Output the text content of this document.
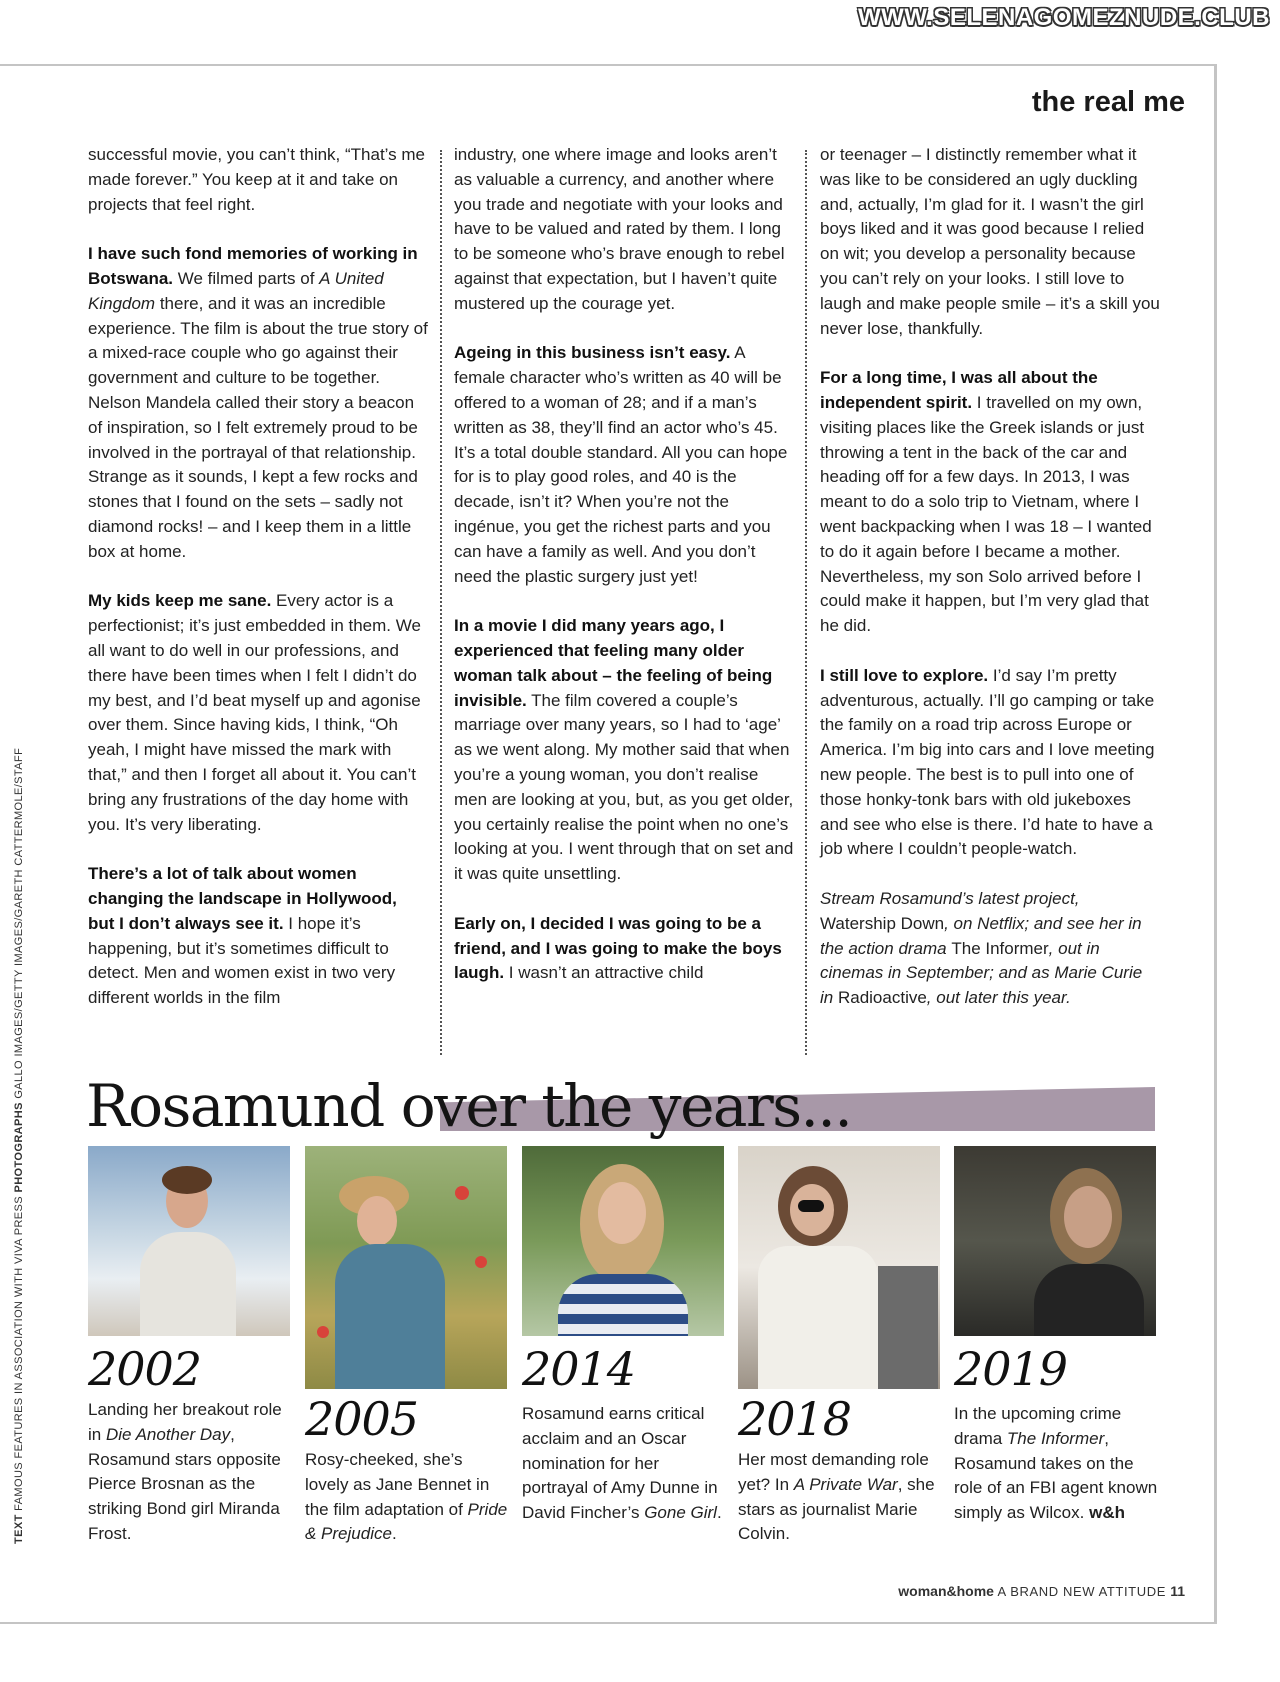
WWW.SELENAGOMEZNUDE.CLUB
the real me

successful movie, you can’t think, “That’s me made forever.” You keep at it and take on projects that feel right.

I have such fond memories of working in Botswana. We filmed parts of A United Kingdom there, and it was an incredible experience. The film is about the true story of a mixed-race couple who go against their government and culture to be together. Nelson Mandela called their story a beacon of inspiration, so I felt extremely proud to be involved in the portrayal of that relationship. Strange as it sounds, I kept a few rocks and stones that I found on the sets – sadly not diamond rocks! – and I keep them in a little box at home.

My kids keep me sane. Every actor is a perfectionist; it’s just embedded in them. We all want to do well in our professions, and there have been times when I felt I didn’t do my best, and I’d beat myself up and agonise over them. Since having kids, I think, “Oh yeah, I might have missed the mark with that,” and then I forget all about it. You can’t bring any frustrations of the day home with you. It’s very liberating.

There’s a lot of talk about women changing the landscape in Hollywood, but I don’t always see it. I hope it’s happening, but it’s sometimes difficult to detect. Men and women exist in two very different worlds in the film

industry, one where image and looks aren’t as valuable a currency, and another where you trade and negotiate with your looks and have to be valued and rated by them. I long to be someone who’s brave enough to rebel against that expectation, but I haven’t quite mustered up the courage yet.

Ageing in this business isn’t easy. A female character who’s written as 40 will be offered to a woman of 28; and if a man’s written as 38, they’ll find an actor who’s 45. It’s a total double standard. All you can hope for is to play good roles, and 40 is the decade, isn’t it? When you’re not the ingénue, you get the richest parts and you can have a family as well. And you don’t need the plastic surgery just yet!

In a movie I did many years ago, I experienced that feeling many older woman talk about – the feeling of being invisible. The film covered a couple’s marriage over many years, so I had to ‘age’ as we went along. My mother said that when you’re a young woman, you don’t realise men are looking at you, but, as you get older, you certainly realise the point when no one’s looking at you. I went through that on set and it was quite unsettling.

Early on, I decided I was going to be a friend, and I was going to make the boys laugh. I wasn’t an attractive child

or teenager – I distinctly remember what it was like to be considered an ugly duckling and, actually, I’m glad for it. I wasn’t the girl boys liked and it was good because I relied on wit; you develop a personality because you can’t rely on your looks. I still love to laugh and make people smile – it’s a skill you never lose, thankfully.

For a long time, I was all about the independent spirit. I travelled on my own, visiting places like the Greek islands or just throwing a tent in the back of the car and heading off for a few days. In 2013, I was meant to do a solo trip to Vietnam, where I went backpacking when I was 18 – I wanted to do it again before I became a mother. Nevertheless, my son Solo arrived before I could make it happen, but I’m very glad that he did.

I still love to explore. I’d say I’m pretty adventurous, actually. I’ll go camping or take the family on a road trip across Europe or America. I’m big into cars and I love meeting new people. The best is to pull into one of those honky-tonk bars with old jukeboxes and see who else is there. I’d hate to have a job where I couldn’t people-watch.

Stream Rosamund’s latest project, Watership Down, on Netflix; and see her in the action drama The Informer, out in cinemas in September; and as Marie Curie in Radioactive, out later this year.

TEXT FAMOUS FEATURES IN ASSOCIATION WITH VIVA PRESS PHOTOGRAPHS GALLO IMAGES/GETTY IMAGES/GARETH CATTERMOLE/STAFF
Rosamund over the years...
2002
Landing her breakout role in Die Another Day, Rosamund stars opposite Pierce Brosnan as the striking Bond girl Miranda Frost.
2005
Rosy-cheeked, she’s lovely as Jane Bennet in the film adaptation of Pride & Prejudice.
2014
Rosamund earns critical acclaim and an Oscar nomination for her portrayal of Amy Dunne in David Fincher’s Gone Girl.
2018
Her most demanding role yet? In A Private War, she stars as journalist Marie Colvin.
2019
In the upcoming crime drama The Informer, Rosamund takes on the role of an FBI agent known simply as Wilcox. w&h
woman&home A BRAND NEW ATTITUDE 11
